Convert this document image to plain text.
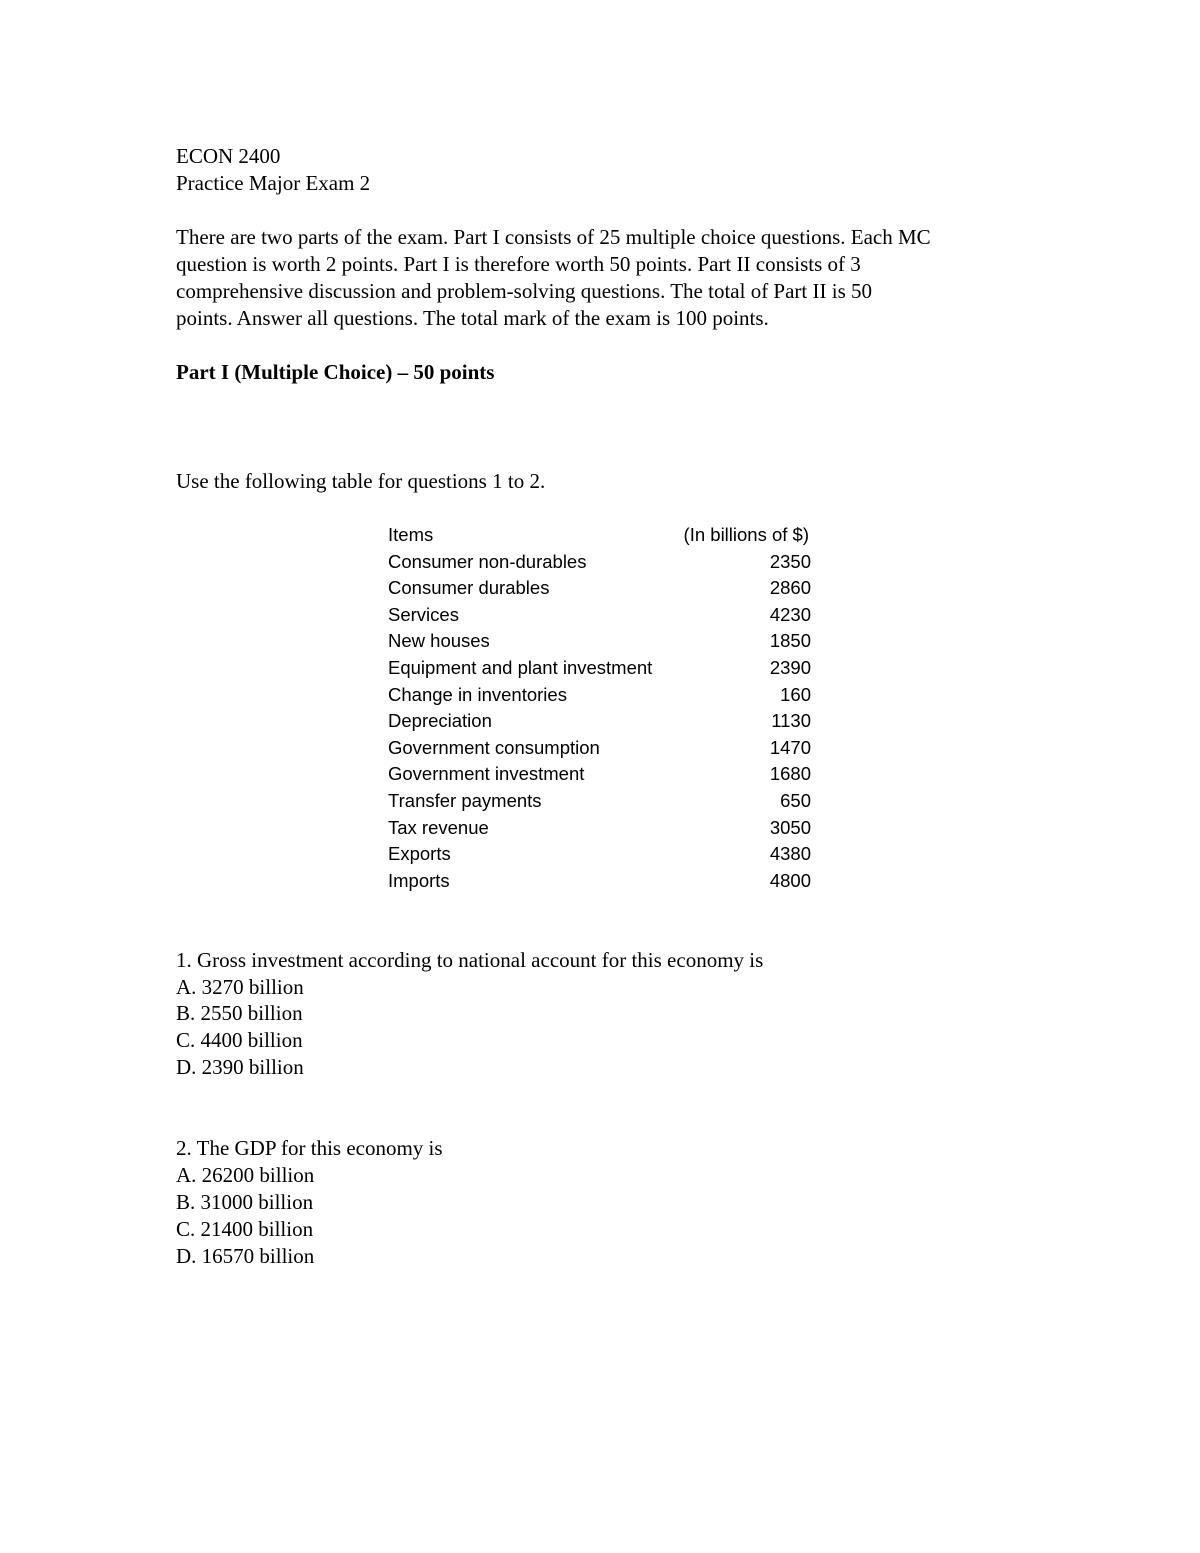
ECON 2400
Practice Major Exam 2
There are two parts of the exam. Part I consists of 25 multiple choice questions. Each MC
question is worth 2 points. Part I is therefore worth 50 points. Part II consists of 3
comprehensive discussion and problem-solving questions. The total of Part II is 50
points. Answer all questions. The total mark of the exam is 100 points.
Part I (Multiple Choice) – 50 points
Use the following table for questions 1 to 2.
Items	(In billions of $)
Consumer non-durables	2350
Consumer durables	2860
Services	4230
New houses	1850
Equipment and plant investment	2390
Change in inventories	160
Depreciation	1130
Government consumption	1470
Government investment	1680
Transfer payments	650
Tax revenue	3050
Exports	4380
Imports	4800
1. Gross investment according to national account for this economy is
A. 3270 billion
B. 2550 billion
C. 4400 billion
D. 2390 billion
2. The GDP for this economy is
A. 26200 billion
B. 31000 billion
C. 21400 billion
D. 16570 billion
